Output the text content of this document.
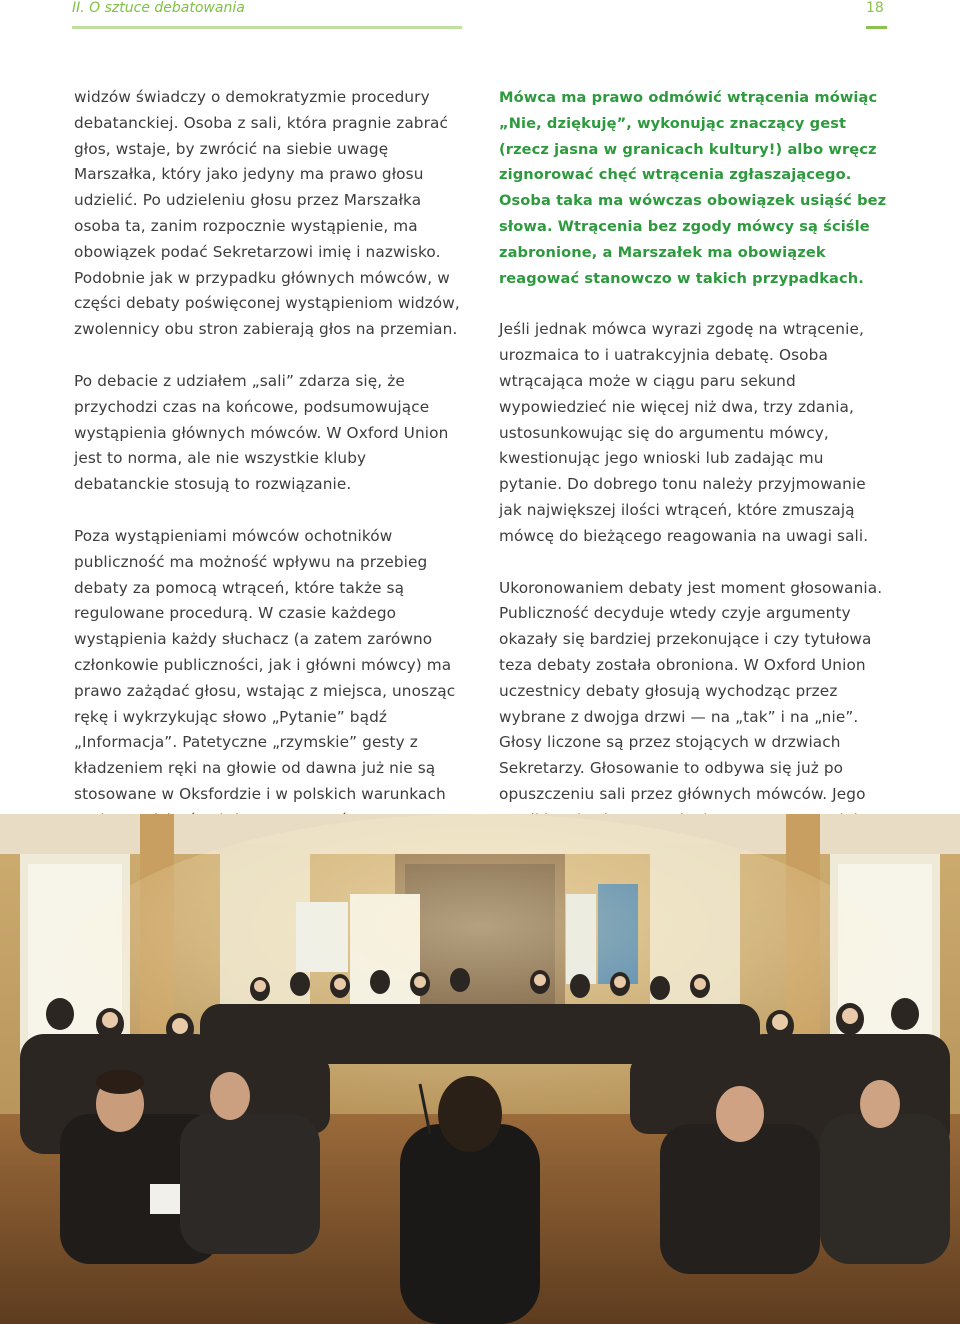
II. O sztuce debatowania	18

widzów świadczy o demokratyzmie procedury debatanckiej. Osoba z sali, która pragnie zabrać głos, wstaje, by zwrócić na siebie uwagę Marszałka, który jako jedyny ma prawo głosu udzielić. Po udzieleniu głosu przez Marszałka osoba ta, zanim rozpocznie wystąpienie, ma obowiązek podać Sekretarzowi imię i nazwisko. Podobnie jak w przypadku głównych mówców, w części debaty poświęconej wystąpieniom widzów, zwolennicy obu stron zabierają głos na przemian.

Po debacie z udziałem „sali” zdarza się, że przychodzi czas na końcowe, podsumowujące wystąpienia głównych mówców. W Oxford Union jest to norma, ale nie wszystkie kluby debatanckie stosują to rozwiązanie.

Poza wystąpieniami mówców ochotników publiczność ma możność wpływu na przebieg debaty za pomocą wtrąceń, które także są regulowane procedurą. W czasie każdego wystąpienia każdy słuchacz (a zatem zarówno członkowie publiczności, jak i główni mówcy) ma prawo zażądać głosu, wstając z miejsca, unosząc rękę i wykrzykując słowo „Pytanie” bądź „Informacja”. Patetyczne „rzymskie” gesty z kładzeniem ręki na głowie od dawna już nie są stosowane w Oksfordzie i w polskich warunkach

Mówca ma prawo odmówić wtrącenia mówiąc „Nie, dziękuję”, wykonując znaczący gest (rzecz jasna w granicach kultury!) albo wręcz zignorować chęć wtrącenia zgłaszającego. Osoba taka ma wówczas obowiązek usiąść bez słowa. Wtrącenia bez zgody mówcy są ściśle zabronione, a Marszałek ma obowiązek reagować stanowczo w takich przypadkach.

Jeśli jednak mówca wyrazi zgodę na wtrącenie, urozmaica to i uatrakcyjnia debatę. Osoba wtrącająca może w ciągu paru sekund wypowiedzieć nie więcej niż dwa, trzy zdania, ustosunkowując się do argumentu mówcy, kwestionując jego wnioski lub zadając mu pytanie. Do dobrego tonu należy przyjmowanie jak największej ilości wtrąceń, które zmuszają mówcę do bieżącego reagowania na uwagi sali.

Ukoronowaniem debaty jest moment głosowania. Publiczność decyduje wtedy czyje argumenty okazały się bardziej przekonujące i czy tytułowa teza debaty została obroniona. W Oxford Union uczestnicy debaty głosują wychodząc przez wybrane z dwojga drzwi — na „tak” i na „nie”. Głosy liczone są przez stojących w drzwiach Sekretarzy. Głosowanie to odbywa się już po opuszczeniu sali przez głównych mówców. Jego
